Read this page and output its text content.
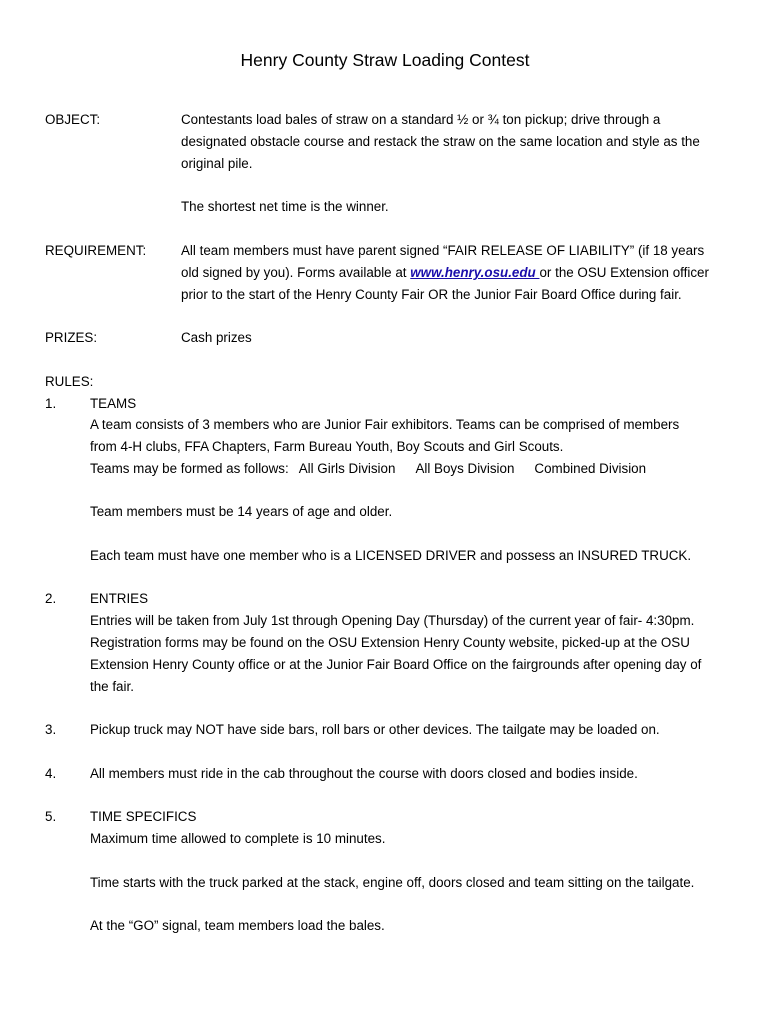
Henry County Straw Loading Contest
OBJECT:	Contestants load bales of straw on a standard ½ or ¾ ton pickup; drive through a
designated obstacle course and restack the straw on the same location and style as the
original pile.
The shortest net time is the winner.
REQUIREMENT:	All team members must have parent signed “FAIR RELEASE OF LIABILITY” (if 18 years
old signed by you). Forms available at www.henry.osu.edu or the OSU Extension officer
prior to the start of the Henry County Fair OR the Junior Fair Board Office during fair.
PRIZES:	Cash prizes
RULES:
1.	TEAMS
A team consists of 3 members who are Junior Fair exhibitors. Teams can be comprised of members
from 4-H clubs, FFA Chapters, Farm Bureau Youth, Boy Scouts and Girl Scouts.
Teams may be formed as follows: All Girls Division All Boys Division Combined Division
Team members must be 14 years of age and older.
Each team must have one member who is a LICENSED DRIVER and possess an INSURED TRUCK.
2.	ENTRIES
Entries will be taken from July 1st through Opening Day (Thursday) of the current year of fair- 4:30pm.
Registration forms may be found on the OSU Extension Henry County website, picked-up at the OSU
Extension Henry County office or at the Junior Fair Board Office on the fairgrounds after opening day of
the fair.
3.	Pickup truck may NOT have side bars, roll bars or other devices. The tailgate may be loaded on.
4.	All members must ride in the cab throughout the course with doors closed and bodies inside.
5.	TIME SPECIFICS
Maximum time allowed to complete is 10 minutes.
Time starts with the truck parked at the stack, engine off, doors closed and team sitting on the tailgate.
At the “GO” signal, team members load the bales.
